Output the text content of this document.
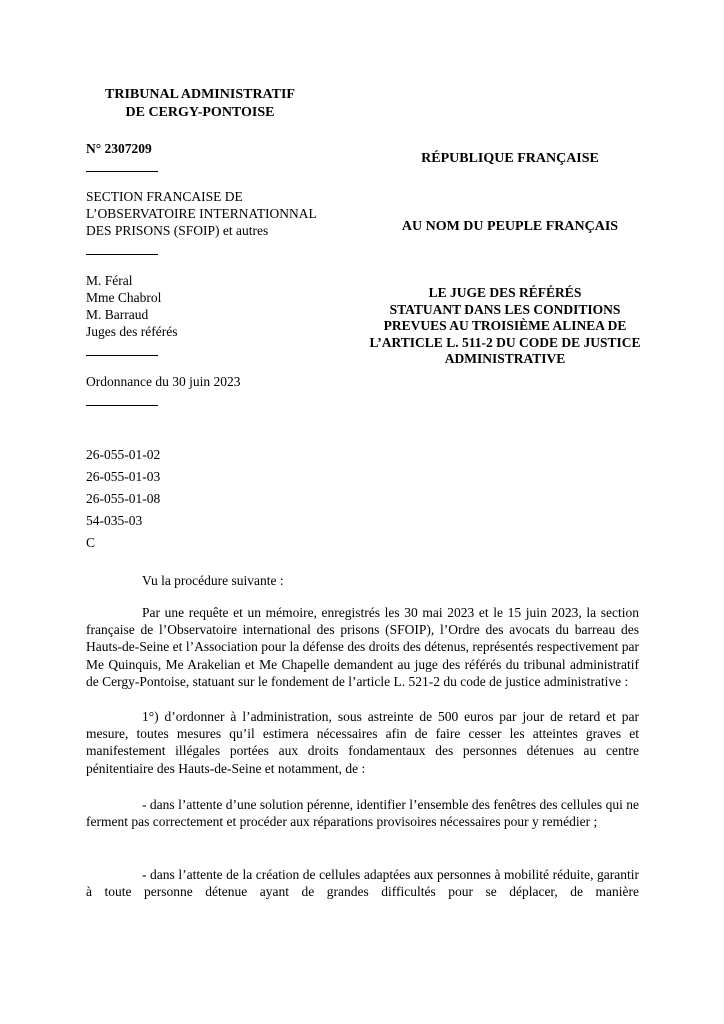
TRIBUNAL ADMINISTRATIF
DE CERGY-PONTOISE
N° 2307209
RÉPUBLIQUE FRANÇAISE
SECTION FRANCAISE DE
L’OBSERVATOIRE INTERNATIONNAL
DES PRISONS (SFOIP) et autres	AU NOM DU PEUPLE FRANÇAIS
M. Féral
Mme Chabrol
M. Barraud
Juges des référés
LE JUGE DES RÉFÉRÉS
STATUANT DANS LES CONDITIONS
PREVUES AU TROISIÈME ALINEA DE
L’ARTICLE L. 511-2 DU CODE DE JUSTICE
ADMINISTRATIVE
Ordonnance du 30 juin 2023
26-055-01-02
26-055-01-03
26-055-01-08
54-035-03
C
Vu la procédure suivante :
Par une requête et un mémoire, enregistrés les 30 mai 2023 et le 15 juin 2023, la section française de l’Observatoire international des prisons (SFOIP), l’Ordre des avocats du barreau des Hauts-de-Seine et l’Association pour la défense des droits des détenus, représentés respectivement par Me Quinquis, Me Arakelian et Me Chapelle demandent au juge des référés du tribunal administratif de Cergy-Pontoise, statuant sur le fondement de l’article L. 521-2 du code de justice administrative :
1°) d’ordonner à l’administration, sous astreinte de 500 euros par jour de retard et par mesure, toutes mesures qu’il estimera nécessaires afin de faire cesser les atteintes graves et manifestement illégales portées aux droits fondamentaux des personnes détenues au centre pénitentiaire des Hauts-de-Seine et notamment, de :
- dans l’attente d’une solution pérenne, identifier l’ensemble des fenêtres des cellules qui ne ferment pas correctement et procéder aux réparations provisoires nécessaires pour y remédier ;
- dans l’attente de la création de cellules adaptées aux personnes à mobilité réduite, garantir à toute personne détenue ayant de grandes difficultés pour se déplacer, de manière
